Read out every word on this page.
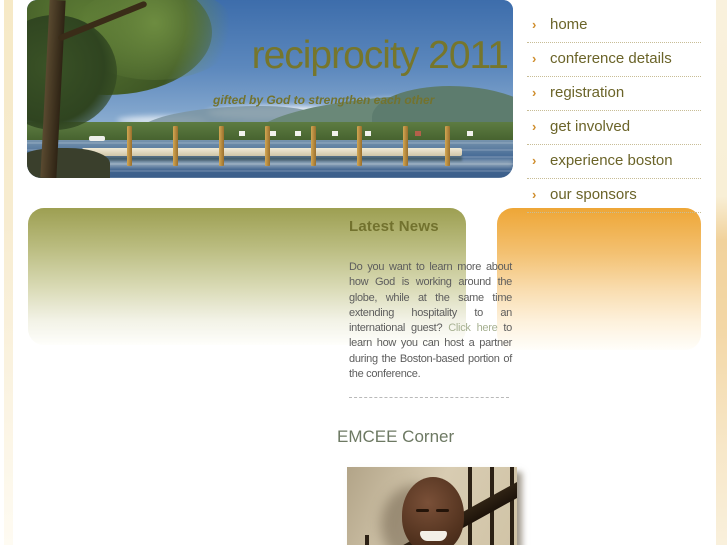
reciprocity 2011
gifted by God to strengthen each other
› home
› conference details
› registration
› get involved
› experience boston
› our sponsors
Latest News

Do you want to learn more about how God is working around the globe, while at the same time extending hospitality to an international guest? Click here to learn how you can host a partner during the Boston-based portion of the conference.

EMCEE Corner
